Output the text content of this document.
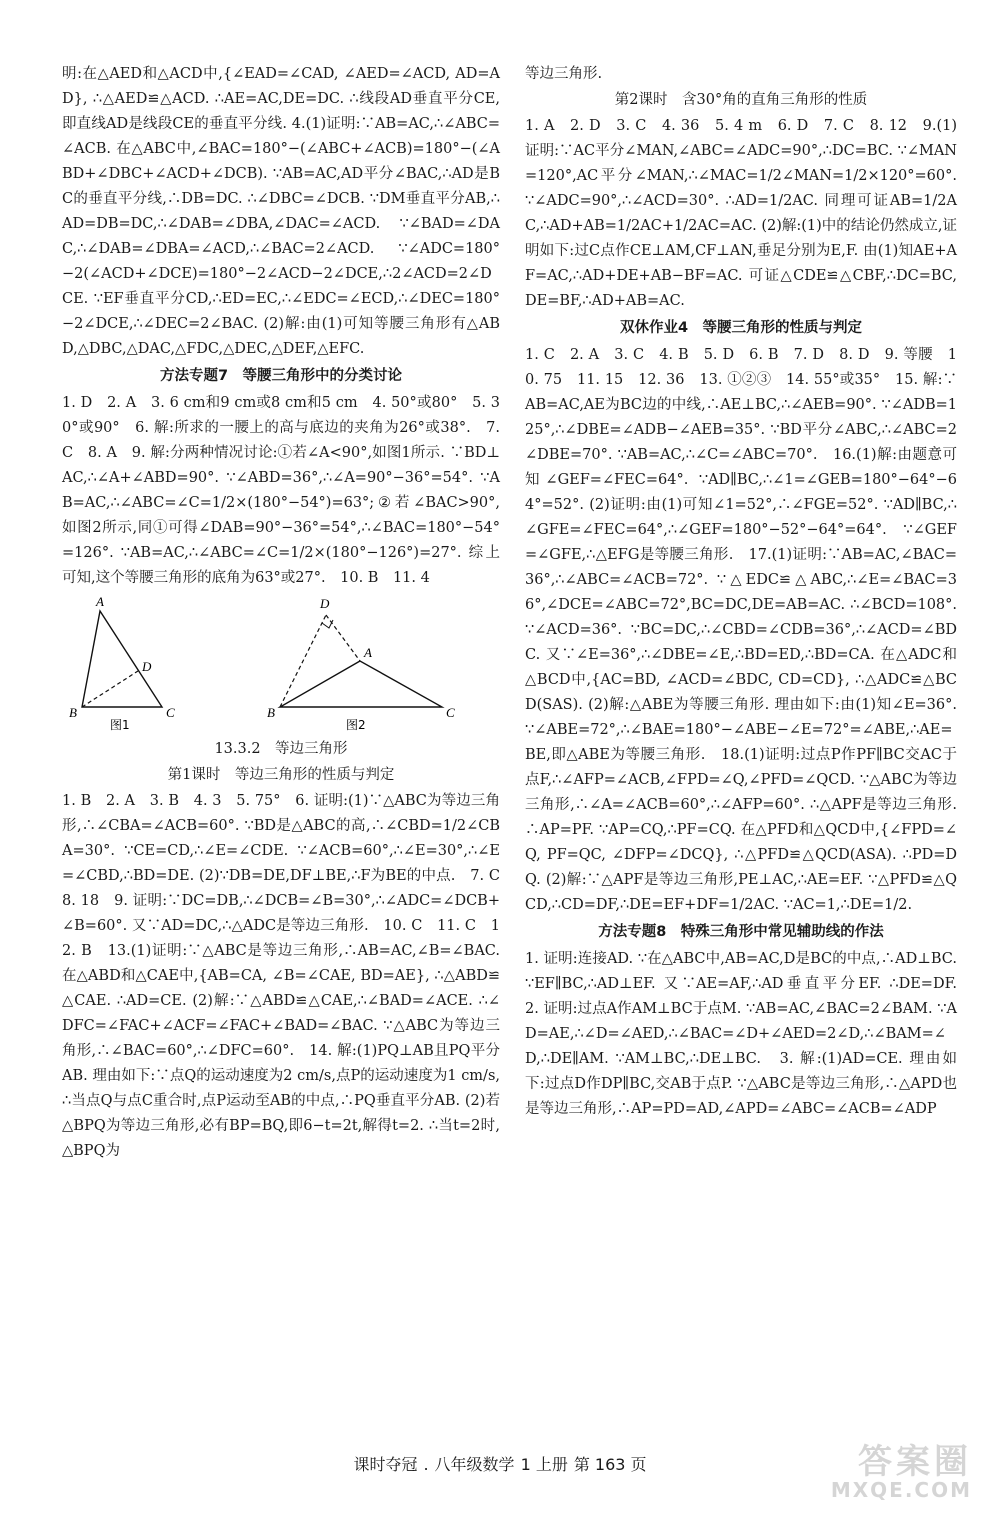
明:在△AED和△ACD中,{∠EAD=∠CAD, ∠AED=∠ACD, AD=AD}, ∴△AED≌△ACD. ∴AE=AC,DE=DC. ∴线段AD垂直平分CE,即直线AD是线段CE的垂直平分线. 4.(1)证明:∵AB=AC,∴∠ABC=∠ACB. 在△ABC中,∠BAC=180°−(∠ABC+∠ACB)=180°−(∠ABD+∠DBC+∠ACD+∠DCB). ∵AB=AC,AD平分∠BAC,∴AD是BC的垂直平分线,∴DB=DC. ∴∠DBC=∠DCB. ∵DM垂直平分AB,∴AD=DB=DC,∴∠DAB=∠DBA,∠DAC=∠ACD. ∵∠BAD=∠DAC,∴∠DAB=∠DBA=∠ACD,∴∠BAC=2∠ACD. ∵∠ADC=180°−2(∠ACD+∠DCE)=180°−2∠ACD−2∠DCE,∴2∠ACD=2∠DCE. ∵EF垂直平分CD,∴ED=EC,∴∠EDC=∠ECD,∴∠DEC=180°−2∠DCE,∴∠DEC=2∠BAC. (2)解:由(1)可知等腰三角形有△ABD,△DBC,△DAC,△FDC,△DEC,△DEF,△EFC.

方法专题7　等腰三角形中的分类讨论

1. D　2. A　3. 6 cm和9 cm或8 cm和5 cm　4. 50°或80°　5. 30°或90°　6. 解:所求的一腰上的高与底边的夹角为26°或38°.　7. C　8. A　9. 解:分两种情况讨论:①若∠A<90°,如图1所示. ∵BD⊥AC,∴∠A+∠ABD=90°. ∵∠ABD=36°,∴∠A=90°−36°=54°. ∵AB=AC,∴∠ABC=∠C=1/2×(180°−54°)=63°;②若∠BAC>90°,如图2所示,同①可得∠DAB=90°−36°=54°,∴∠BAC=180°−54°=126°. ∵AB=AC,∴∠ABC=∠C=1/2×(180°−126°)=27°. 综上可知,这个等腰三角形的底角为63°或27°.　10. B　11. 4

A
B	C
D
图1
D
A
B	C
图2
13.3.2　等边三角形
第1课时　等边三角形的性质与判定

1. B　2. A　3. B　4. 3　5. 75°　6. 证明:(1)∵△ABC为等边三角形,∴∠CBA=∠ACB=60°. ∵BD是△ABC的高,∴∠CBD=1/2∠CBA=30°. ∵CE=CD,∴∠E=∠CDE. ∵∠ACB=60°,∴∠E=30°,∴∠E=∠CBD,∴BD=DE. (2)∵DB=DE,DF⊥BE,∴F为BE的中点.　7. C　8. 18　9. 证明:∵DC=DB,∴∠DCB=∠B=30°,∴∠ADC=∠DCB+∠B=60°. 又∵AD=DC,∴△ADC是等边三角形.　10. C　11. C　12. B　13.(1)证明:∵△ABC是等边三角形,∴AB=AC,∠B=∠BAC. 在△ABD和△CAE中,{AB=CA, ∠B=∠CAE, BD=AE}, ∴△ABD≌△CAE. ∴AD=CE. (2)解:∵△ABD≌△CAE,∴∠BAD=∠ACE. ∴∠DFC=∠FAC+∠ACF=∠FAC+∠BAD=∠BAC. ∵△ABC为等边三角形,∴∠BAC=60°,∴∠DFC=60°.　14. 解:(1)PQ⊥AB且PQ平分AB. 理由如下:∵点Q的运动速度为2 cm/s,点P的运动速度为1 cm/s,∴当点Q与点C重合时,点P运动至AB的中点,∴PQ垂直平分AB. (2)若△BPQ为等边三角形,必有BP=BQ,即6−t=2t,解得t=2. ∴当t=2时,△BPQ为

等边三角形.

第2课时　含30°角的直角三角形的性质

1. A　2. D　3. C　4. 36　5. 4 m　6. D　7. C　8. 12　9.(1)证明:∵AC平分∠MAN,∠ABC=∠ADC=90°,∴DC=BC. ∵∠MAN=120°,AC平分∠MAN,∴∠MAC=1/2∠MAN=1/2×120°=60°. ∵∠ADC=90°,∴∠ACD=30°. ∴AD=1/2AC. 同理可证AB=1/2AC,∴AD+AB=1/2AC+1/2AC=AC. (2)解:(1)中的结论仍然成立,证明如下:过C点作CE⊥AM,CF⊥AN,垂足分别为E,F. 由(1)知AE+AF=AC,∴AD+DE+AB−BF=AC. 可证△CDE≌△CBF,∴DC=BC,DE=BF,∴AD+AB=AC.

双休作业4　等腰三角形的性质与判定

1. C　2. A　3. C　4. B　5. D　6. B　7. D　8. D　9. 等腰　10. 75　11. 15　12. 36　13. ①②③　14. 55°或35°　15. 解:∵AB=AC,AE为BC边的中线,∴AE⊥BC,∴∠AEB=90°. ∵∠ADB=125°,∴∠DBE=∠ADB−∠AEB=35°. ∵BD平分∠ABC,∴∠ABC=2∠DBE=70°. ∵AB=AC,∴∠C=∠ABC=70°.　16.(1)解:由题意可知∠GEF=∠FEC=64°. ∵AD∥BC,∴∠1=∠GEB=180°−64°−64°=52°. (2)证明:由(1)可知∠1=52°,∴∠FGE=52°. ∵AD∥BC,∴∠GFE=∠FEC=64°,∴∠GEF=180°−52°−64°=64°. ∵∠GEF=∠GFE,∴△EFG是等腰三角形.　17.(1)证明:∵AB=AC,∠BAC=36°,∴∠ABC=∠ACB=72°. ∵△EDC≌△ABC,∴∠E=∠BAC=36°,∠DCE=∠ABC=72°,BC=DC,DE=AB=AC. ∴∠BCD=108°. ∵∠ACD=36°. ∵BC=DC,∴∠CBD=∠CDB=36°,∴∠ACD=∠BDC. 又∵∠E=36°,∴∠DBE=∠E,∴BD=ED,∴BD=CA. 在△ADC和△BCD中,{AC=BD, ∠ACD=∠BDC, CD=CD}, ∴△ADC≌△BCD(SAS). (2)解:△ABE为等腰三角形. 理由如下:由(1)知∠E=36°. ∵∠ABE=72°,∴∠BAE=180°−∠ABE−∠E=72°=∠ABE,∴AE=BE,即△ABE为等腰三角形.　18.(1)证明:过点P作PF∥BC交AC于点F,∴∠AFP=∠ACB,∠FPD=∠Q,∠PFD=∠QCD. ∵△ABC为等边三角形,∴∠A=∠ACB=60°,∴∠AFP=60°. ∴△APF是等边三角形. ∴AP=PF. ∵AP=CQ,∴PF=CQ. 在△PFD和△QCD中,{∠FPD=∠Q, PF=QC, ∠DFP=∠DCQ}, ∴△PFD≌△QCD(ASA). ∴PD=DQ. (2)解:∵△APF是等边三角形,PE⊥AC,∴AE=EF. ∵△PFD≌△QCD,∴CD=DF,∴DE=EF+DF=1/2AC. ∵AC=1,∴DE=1/2.

方法专题8　特殊三角形中常见辅助线的作法

1. 证明:连接AD. ∵在△ABC中,AB=AC,D是BC的中点,∴AD⊥BC. ∵EF∥BC,∴AD⊥EF. 又∵AE=AF,∴AD垂直平分EF. ∴DE=DF.　2. 证明:过点A作AM⊥BC于点M. ∵AB=AC,∠BAC=2∠BAM. ∵AD=AE,∴∠D=∠AED,∴∠BAC=∠D+∠AED=2∠D,∴∠BAM=∠D,∴DE∥AM. ∵AM⊥BC,∴DE⊥BC.　3. 解:(1)AD=CE. 理由如下:过点D作DP∥BC,交AB于点P. ∵△ABC是等边三角形,∴△APD也是等边三角形,∴AP=PD=AD,∠APD=∠ABC=∠ACB=∠ADP

课时夺冠 . 八年级数学 1 上册 第 163 页	答案圈
MXQE.COM
